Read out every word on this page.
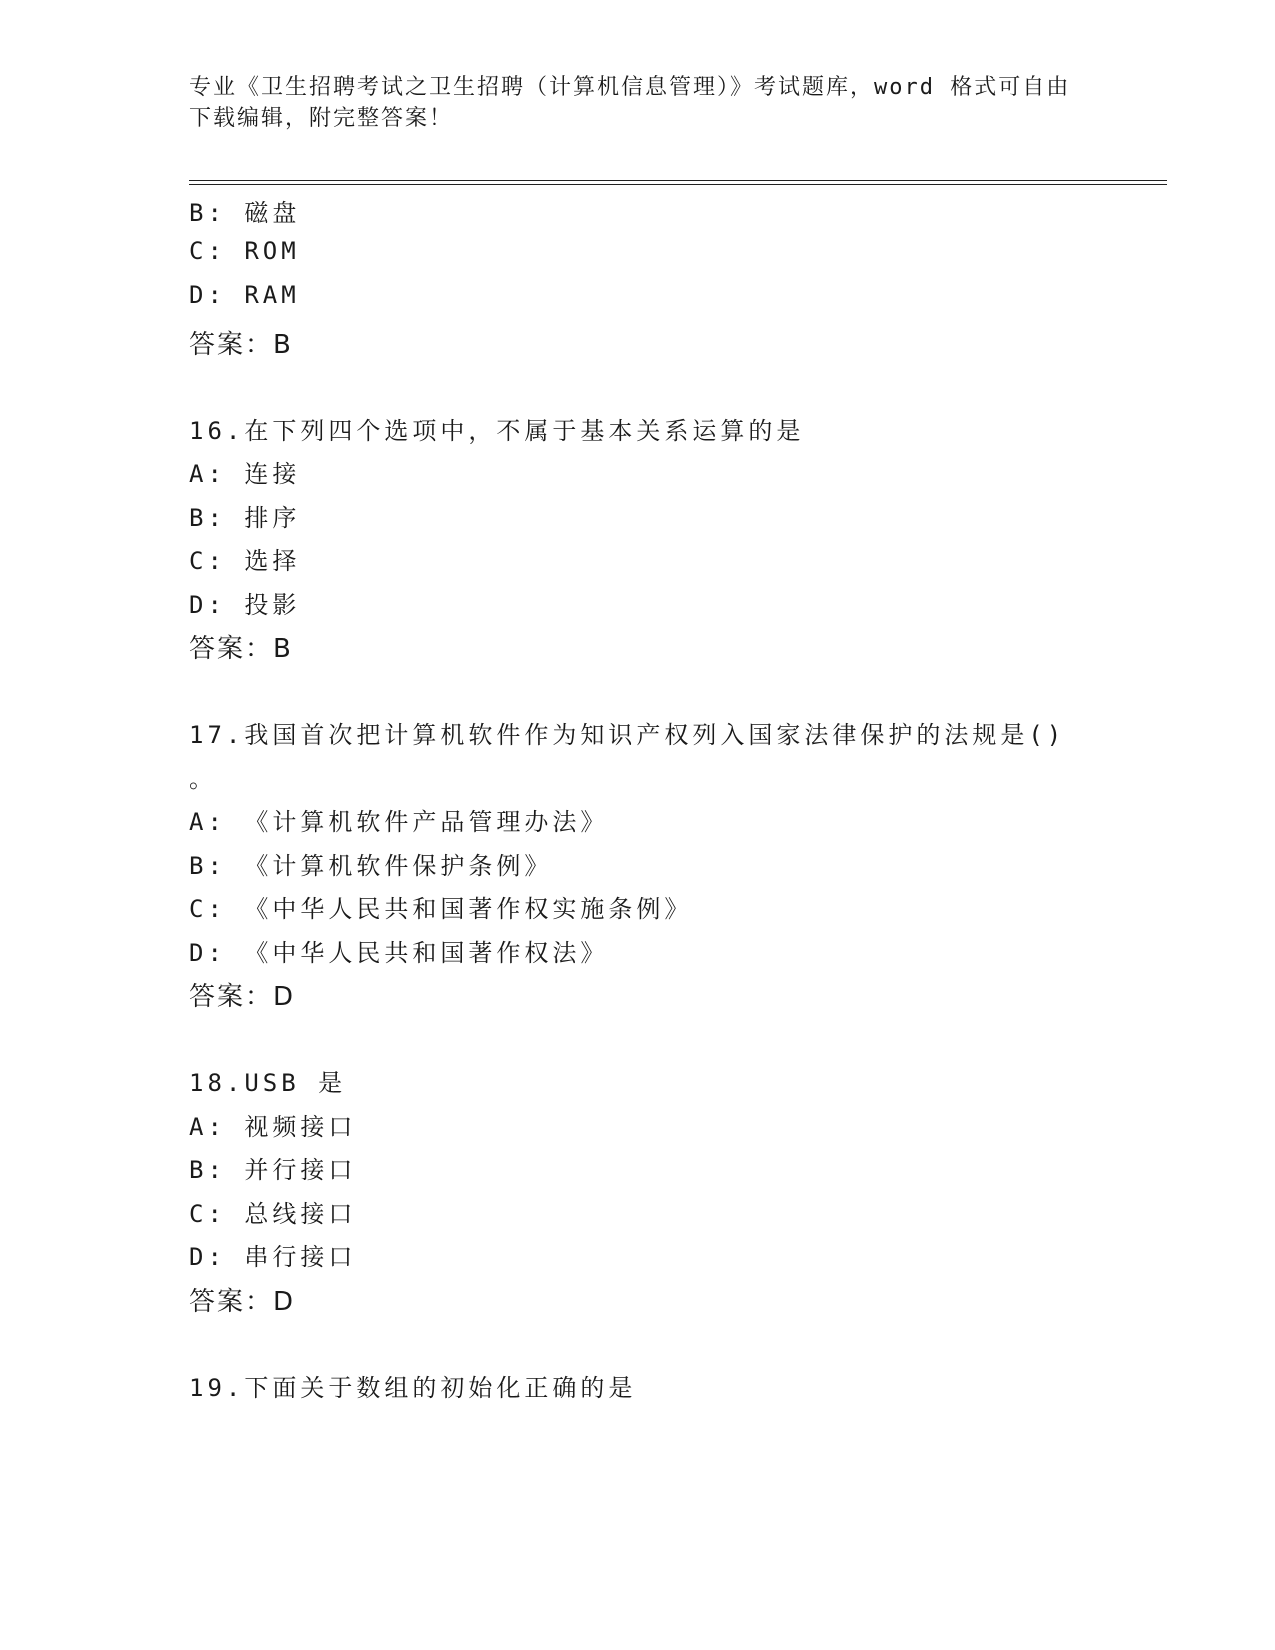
专业《卫生招聘考试之卫生招聘（计算机信息管理）》考试题库，word 格式可自由下载编辑，附完整答案！
B: 磁盘
C: ROM
D: RAM
答案：B
16.在下列四个选项中，不属于基本关系运算的是
A: 连接
B: 排序
C: 选择
D: 投影
答案：B
17.我国首次把计算机软件作为知识产权列入国家法律保护的法规是()
。
A: 《计算机软件产品管理办法》
B: 《计算机软件保护条例》
C: 《中华人民共和国著作权实施条例》
D: 《中华人民共和国著作权法》
答案：D
18.USB 是
A: 视频接口
B: 并行接口
C: 总线接口
D: 串行接口
答案：D
19.下面关于数组的初始化正确的是
